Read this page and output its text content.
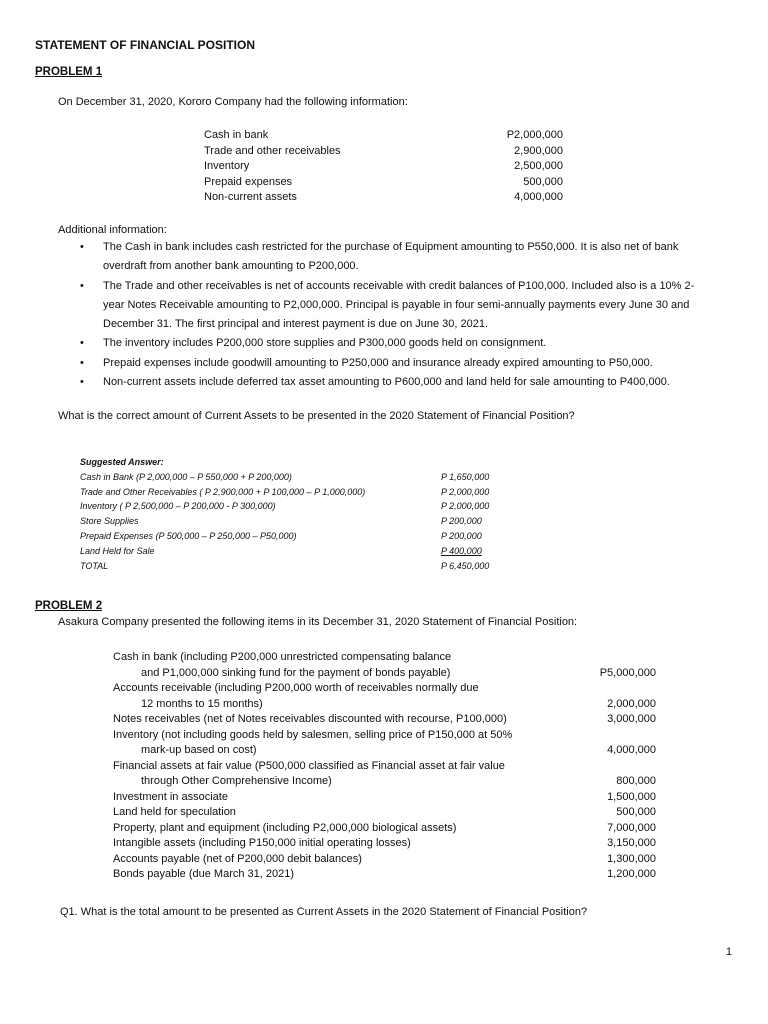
STATEMENT OF FINANCIAL POSITION
PROBLEM 1
On December 31, 2020, Kororo Company had the following information:
Cash in bank	P2,000,000
Trade and other receivables	2,900,000
Inventory	2,500,000
Prepaid expenses	500,000
Non-current assets	4,000,000
Additional information:
• The Cash in bank includes cash restricted for the purchase of Equipment amounting to P550,000. It is also net of bank
overdraft from another bank amounting to P200,000.
• The Trade and other receivables is net of accounts receivable with credit balances of P100,000. Included also is a 10% 2-
year Notes Receivable amounting to P2,000,000. Principal is payable in four semi-annually payments every June 30 and
December 31. The first principal and interest payment is due on June 30, 2021.
• The inventory includes P200,000 store supplies and P300,000 goods held on consignment.
• Prepaid expenses include goodwill amounting to P250,000 and insurance already expired amounting to P50,000.
• Non-current assets include deferred tax asset amounting to P600,000 and land held for sale amounting to P400,000.
What is the correct amount of Current Assets to be presented in the 2020 Statement of Financial Position?
Suggested Answer:
Cash in Bank (P 2,000,000 – P 550,000 + P 200,000)	P 1,650,000
Trade and Other Receivables ( P 2,900,000 + P 100,000 – P 1,000,000)	P 2,000,000
Inventory ( P 2,500,000 – P 200,000 - P 300,000)	P 2,000,000
Store Supplies	P 200,000
Prepaid Expenses (P 500,000 – P 250,000 – P50,000)	P 200,000
Land Held for Sale	P 400,000
TOTAL	P 6,450,000
PROBLEM 2
Asakura Company presented the following items in its December 31, 2020 Statement of Financial Position:
Cash in bank (including P200,000 unrestricted compensating balance
and P1,000,000 sinking fund for the payment of bonds payable)	P5,000,000
Accounts receivable (including P200,000 worth of receivables normally due
12 months to 15 months)	2,000,000
Notes receivables (net of Notes receivables discounted with recourse, P100,000)	3,000,000
Inventory (not including goods held by salesmen, selling price of P150,000 at 50%
mark-up based on cost)	4,000,000
Financial assets at fair value (P500,000 classified as Financial asset at fair value
through Other Comprehensive Income)	800,000
Investment in associate	1,500,000
Land held for speculation	500,000
Property, plant and equipment (including P2,000,000 biological assets)	7,000,000
Intangible assets (including P150,000 initial operating losses)	3,150,000
Accounts payable (net of P200,000 debit balances)	1,300,000
Bonds payable (due March 31, 2021)	1,200,000
Q1. What is the total amount to be presented as Current Assets in the 2020 Statement of Financial Position?
1
